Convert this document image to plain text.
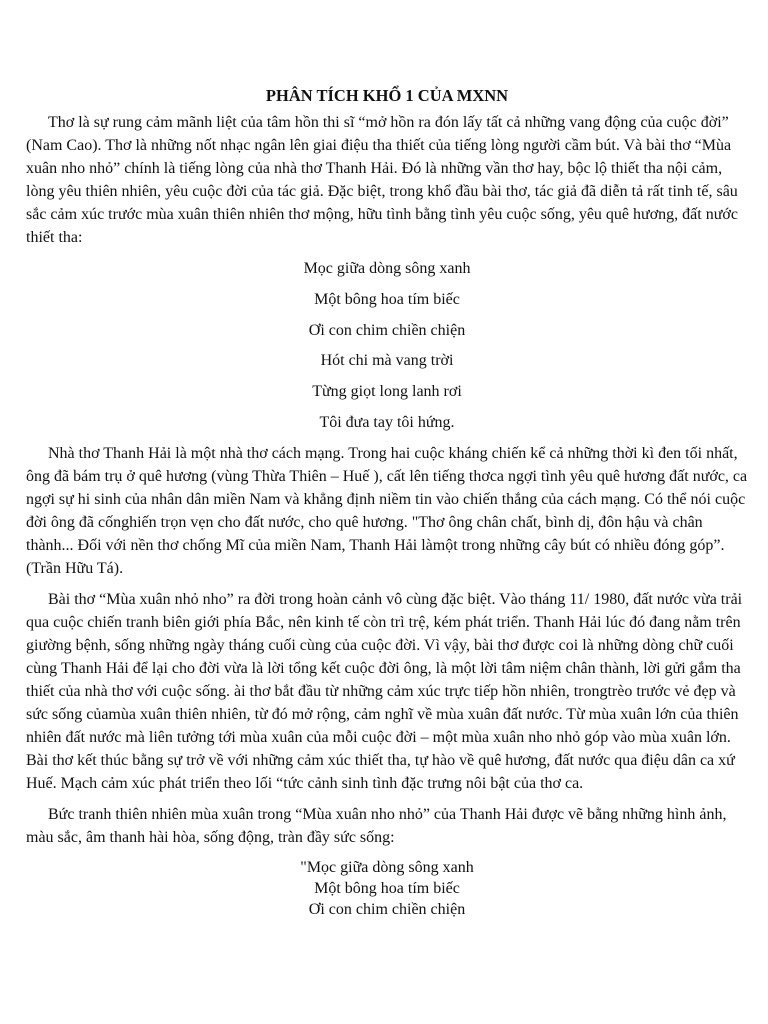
PHÂN TÍCH KHỔ 1 CỦA MXNN

Thơ là sự rung cảm mãnh liệt của tâm hồn thi sĩ “mở hồn ra đón lấy tất cả những vang động của cuộc đời” (Nam Cao). Thơ là những nốt nhạc ngân lên giai điệu tha thiết của tiếng lòng người cầm bút. Và bài thơ “Mùa xuân nho nhỏ” chính là tiếng lòng của nhà thơ Thanh Hải. Đó là những vần thơ hay, bộc lộ thiết tha nội cảm, lòng yêu thiên nhiên, yêu cuộc đời của tác giả. Đặc biệt, trong khổ đầu bài thơ, tác giả đã diễn tả rất tinh tế, sâu sắc cảm xúc trước mùa xuân thiên nhiên thơ mộng, hữu tình bằng tình yêu cuộc sống, yêu quê hương, đất nước thiết tha:

Mọc giữa dòng sông xanh
Một bông hoa tím biếc
Ơi con chim chiền chiện
Hót chi mà vang trời
Từng giọt long lanh rơi
Tôi đưa tay tôi hứng.

Nhà thơ Thanh Hải là một nhà thơ cách mạng. Trong hai cuộc kháng chiến kể cả những thời kì đen tối nhất, ông đã bám trụ ở quê hương (vùng Thừa Thiên – Huế ), cất lên tiếng thơca ngợi tình yêu quê hương đất nước, ca ngợi sự hi sinh của nhân dân miền Nam và khẳng định niềm tin vào chiến thắng của cách mạng. Có thể nói cuộc đời ông đã cốnghiến trọn vẹn cho đất nước, cho quê hương. "Thơ ông chân chất, bình dị, đôn hậu và chân thành... Đối với nền thơ chống Mĩ của miền Nam, Thanh Hải làmột trong những cây bút có nhiều đóng góp”. (Trần Hữu Tá).

Bài thơ “Mùa xuân nhỏ nho” ra đời trong hoàn cảnh vô cùng đặc biệt. Vào tháng 11/ 1980, đất nước vừa trải qua cuộc chiến tranh biên giới phía Bắc, nên kinh tế còn trì trệ, kém phát triển. Thanh Hải lúc đó đang nằm trên giường bệnh, sống những ngày tháng cuối cùng của cuộc đời. Vì vậy, bài thơ được coi là những dòng chữ cuối cùng Thanh Hải để lại cho đời vừa là lời tổng kết cuộc đời ông, là một lời tâm niệm chân thành, lời gửi gắm tha thiết của nhà thơ với cuộc sống. ài thơ bắt đầu từ những cảm xúc trực tiếp hồn nhiên, trongtrèo trước vẻ đẹp và sức sống củamùa xuân thiên nhiên, từ đó mở rộng, cảm nghĩ về mùa xuân đất nước. Từ mùa xuân lớn của thiên nhiên đất nước mà liên tưởng tới mùa xuân của mỗi cuộc đời – một mùa xuân nho nhỏ góp vào mùa xuân lớn. Bài thơ kết thúc bằng sự trở về với những cảm xúc thiết tha, tự hào về quê hương, đất nước qua điệu dân ca xứ Huế. Mạch cảm xúc phát triển theo lối “tức cảnh sinh tình đặc trưng nôi bật của thơ ca.

Bức tranh thiên nhiên mùa xuân trong “Mùa xuân nho nhỏ” của Thanh Hải được vẽ bằng những hình ảnh, màu sắc, âm thanh hài hòa, sống động, tràn đầy sức sống:

"Mọc giữa dòng sông xanh
Một bông hoa tím biếc
Ơi con chim chiền chiện
